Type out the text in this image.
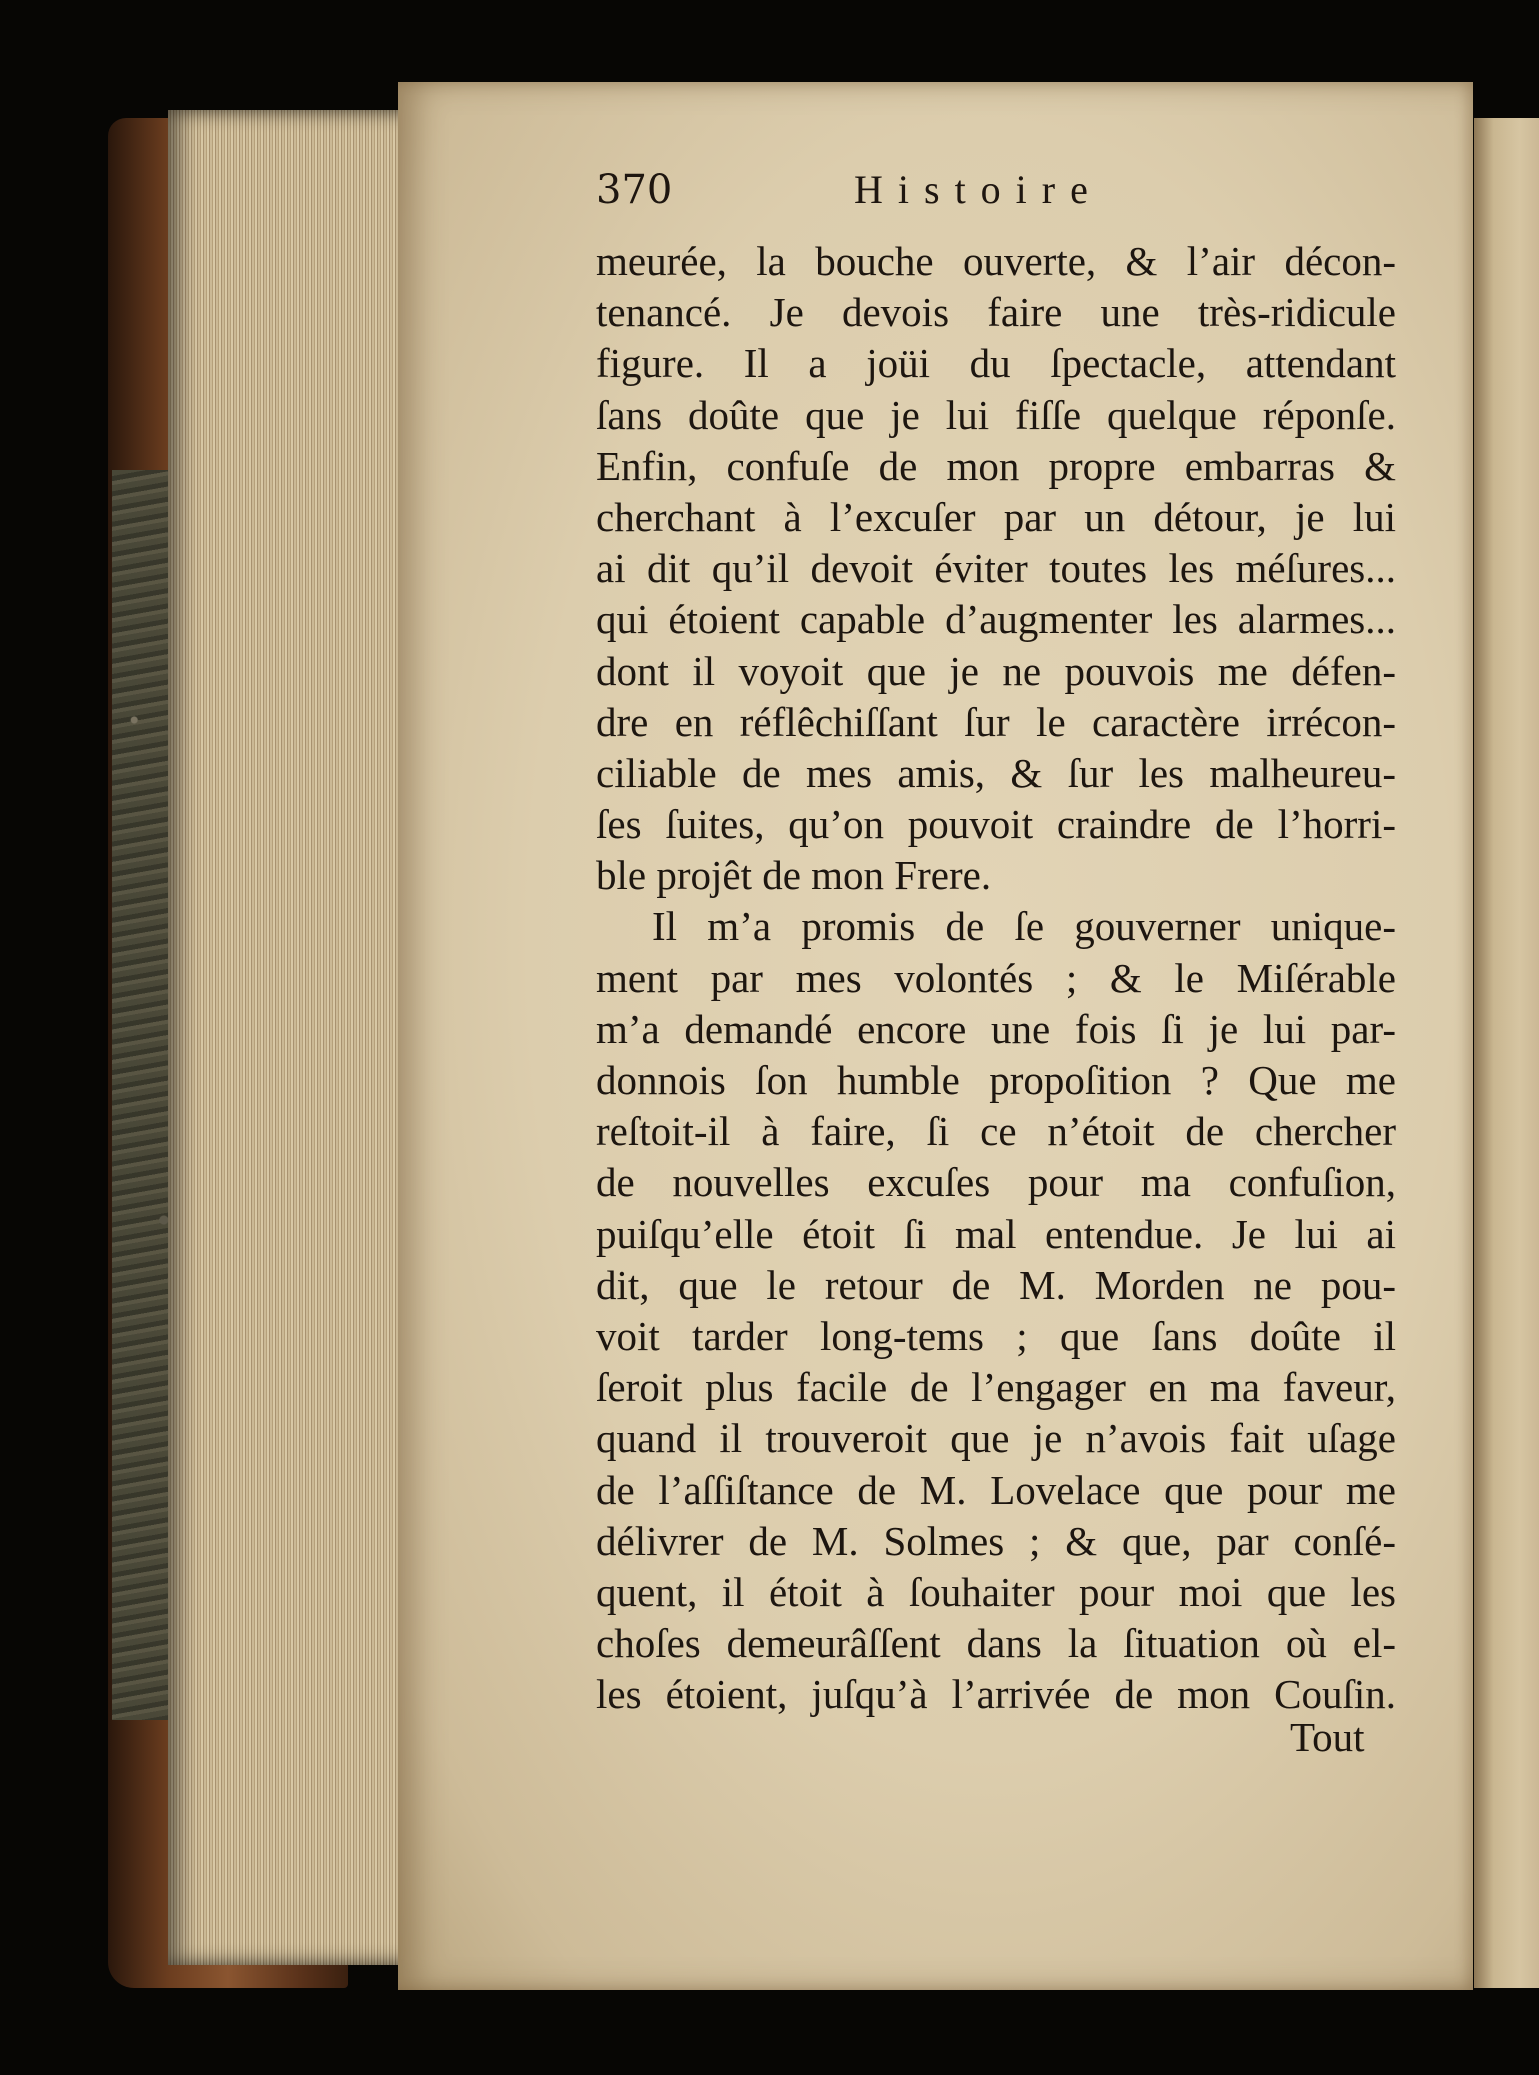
370	Histoire
meurée, la bouche ouverte, & l’air décon-
tenancé. Je devois faire une très-ridicule
figure. Il a joüi du ſpectacle, attendant
ſans doûte que je lui fiſſe quelque réponſe.
Enfin, confuſe de mon propre embarras &
cherchant à l’excuſer par un détour, je lui
ai dit qu’il devoit éviter toutes les méſures...
qui étoient capable d’augmenter les alarmes...
dont il voyoit que je ne pouvois me défen-
dre en réflêchiſſant ſur le caractère irrécon-
ciliable de mes amis, & ſur les malheureu-
ſes ſuites, qu’on pouvoit craindre de l’horri-
ble projêt de mon Frere.
Il m’a promis de ſe gouverner unique-
ment par mes volontés ; & le Miſérable
m’a demandé encore une fois ſi je lui par-
donnois ſon humble propoſition ? Que me
reſtoit-il à faire, ſi ce n’étoit de chercher
de nouvelles excuſes pour ma confuſion,
puiſqu’elle étoit ſi mal entendue. Je lui ai
dit, que le retour de M. Morden ne pou-
voit tarder long-tems ; que ſans doûte il
ſeroit plus facile de l’engager en ma faveur,
quand il trouveroit que je n’avois fait uſage
de l’aſſiſtance de M. Lovelace que pour me
délivrer de M. Solmes ; & que, par conſé-
quent, il étoit à ſouhaiter pour moi que les
choſes demeurâſſent dans la ſituation où el-
les étoient, juſqu’à l’arrivée de mon Couſin.
Tout
